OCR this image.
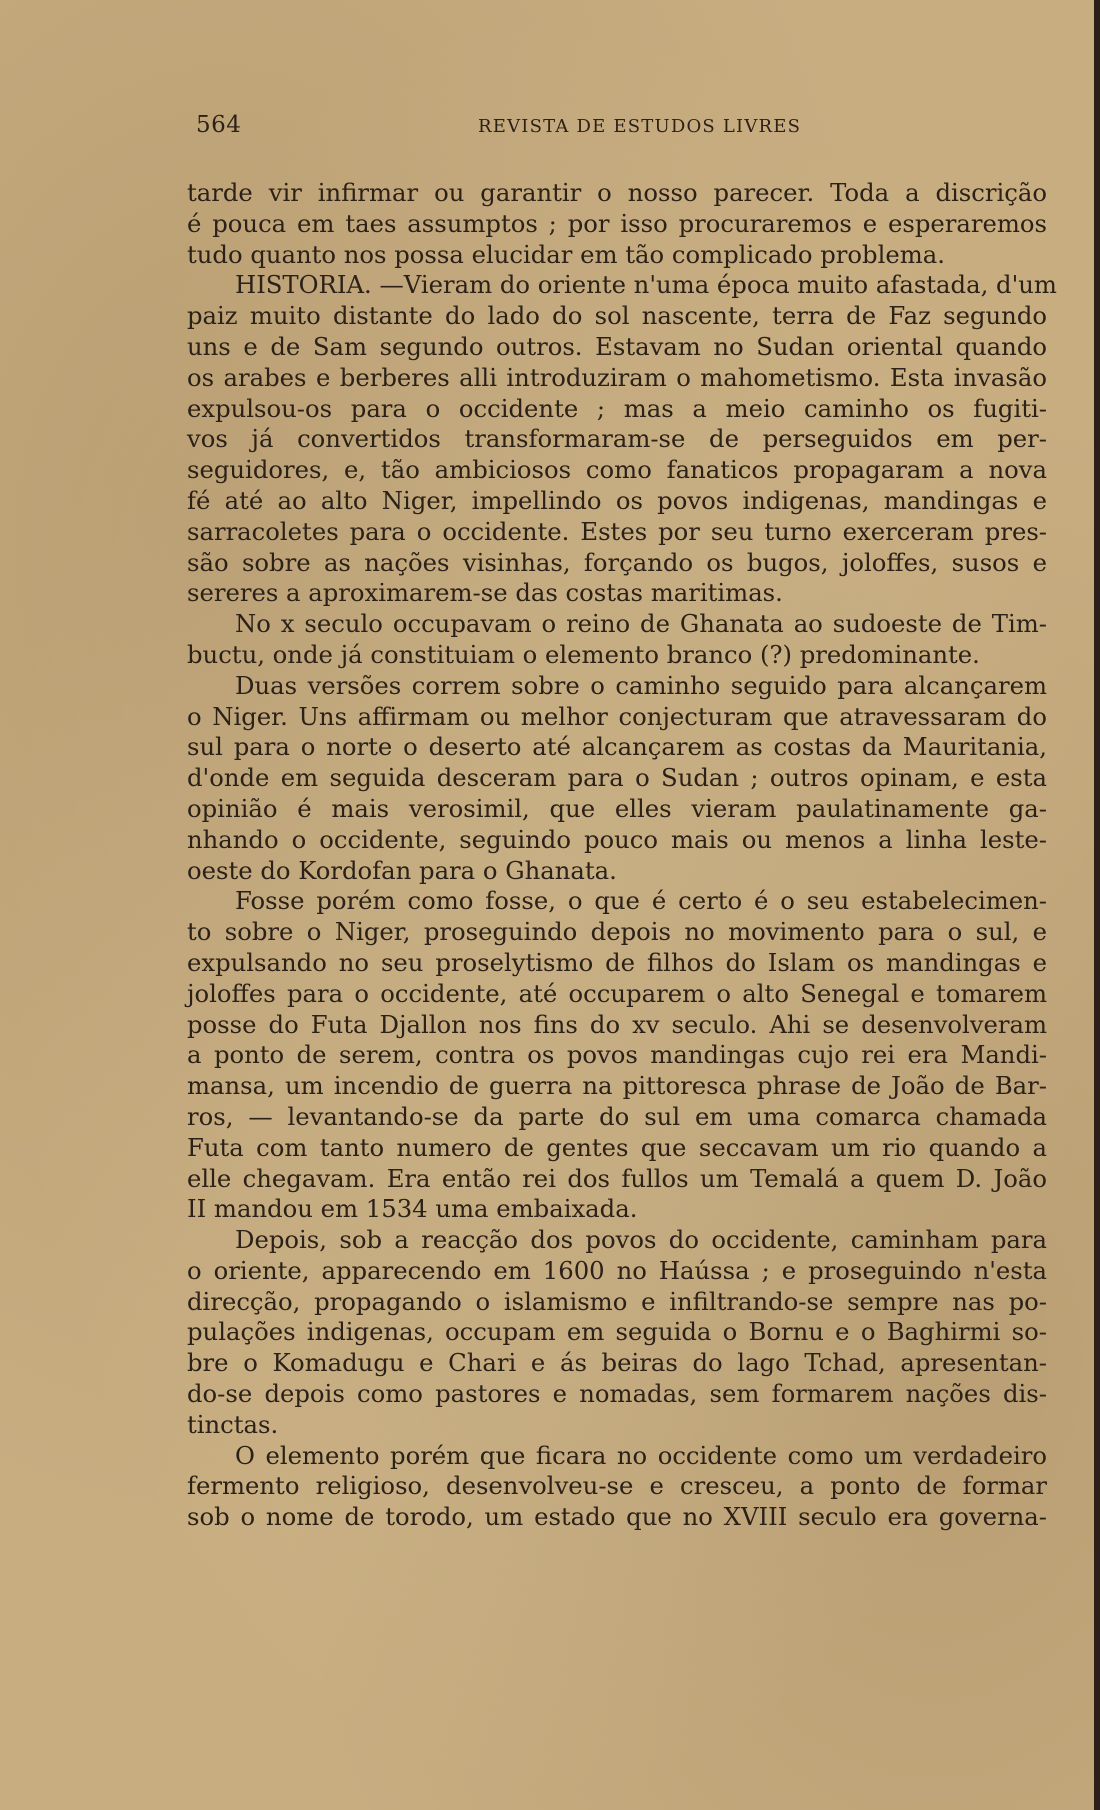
564	REVISTA DE ESTUDOS LIVRES
tarde vir infirmar ou garantir o nosso parecer. Toda a discrição
é pouca em taes assumptos ; por isso procuraremos e esperaremos
tudo quanto nos possa elucidar em tão complicado problema.
HISTORIA. —Vieram do oriente n'uma época muito afastada, d'um
paiz muito distante do lado do sol nascente, terra de Faz segundo
uns e de Sam segundo outros. Estavam no Sudan oriental quando
os arabes e berberes alli introduziram o mahometismo. Esta invasão
expulsou-os para o occidente ; mas a meio caminho os fugiti-
vos já convertidos transformaram-se de perseguidos em per-
seguidores, e, tão ambiciosos como fanaticos propagaram a nova
fé até ao alto Niger, impellindo os povos indigenas, mandingas e
sarracoletes para o occidente. Estes por seu turno exerceram pres-
são sobre as nações visinhas, forçando os bugos, joloffes, susos e
sereres a aproximarem-se das costas maritimas.
No x seculo occupavam o reino de Ghanata ao sudoeste de Tim-
buctu, onde já constituiam o elemento branco (?) predominante.
Duas versões correm sobre o caminho seguido para alcançarem
o Niger. Uns affirmam ou melhor conjecturam que atravessaram do
sul para o norte o deserto até alcançarem as costas da Mauritania,
d'onde em seguida desceram para o Sudan ; outros opinam, e esta
opinião é mais verosimil, que elles vieram paulatinamente ga-
nhando o occidente, seguindo pouco mais ou menos a linha leste-
oeste do Kordofan para o Ghanata.
Fosse porém como fosse, o que é certo é o seu estabelecimen-
to sobre o Niger, proseguindo depois no movimento para o sul, e
expulsando no seu proselytismo de filhos do Islam os mandingas e
joloffes para o occidente, até occuparem o alto Senegal e tomarem
posse do Futa Djallon nos fins do xv seculo. Ahi se desenvolveram
a ponto de serem, contra os povos mandingas cujo rei era Mandi-
mansa, um incendio de guerra na pittoresca phrase de João de Bar-
ros, — levantando-se da parte do sul em uma comarca chamada
Futa com tanto numero de gentes que seccavam um rio quando a
elle chegavam. Era então rei dos fullos um Temalá a quem D. João
II mandou em 1534 uma embaixada.
Depois, sob a reacção dos povos do occidente, caminham para
o oriente, apparecendo em 1600 no Haússa ; e proseguindo n'esta
direcção, propagando o islamismo e infiltrando-se sempre nas po-
pulações indigenas, occupam em seguida o Bornu e o Baghirmi so-
bre o Komadugu e Chari e ás beiras do lago Tchad, apresentan-
do-se depois como pastores e nomadas, sem formarem nações dis-
tinctas.
O elemento porém que ficara no occidente como um verdadeiro
fermento religioso, desenvolveu-se e cresceu, a ponto de formar
sob o nome de torodo, um estado que no XVIII seculo era governa-
